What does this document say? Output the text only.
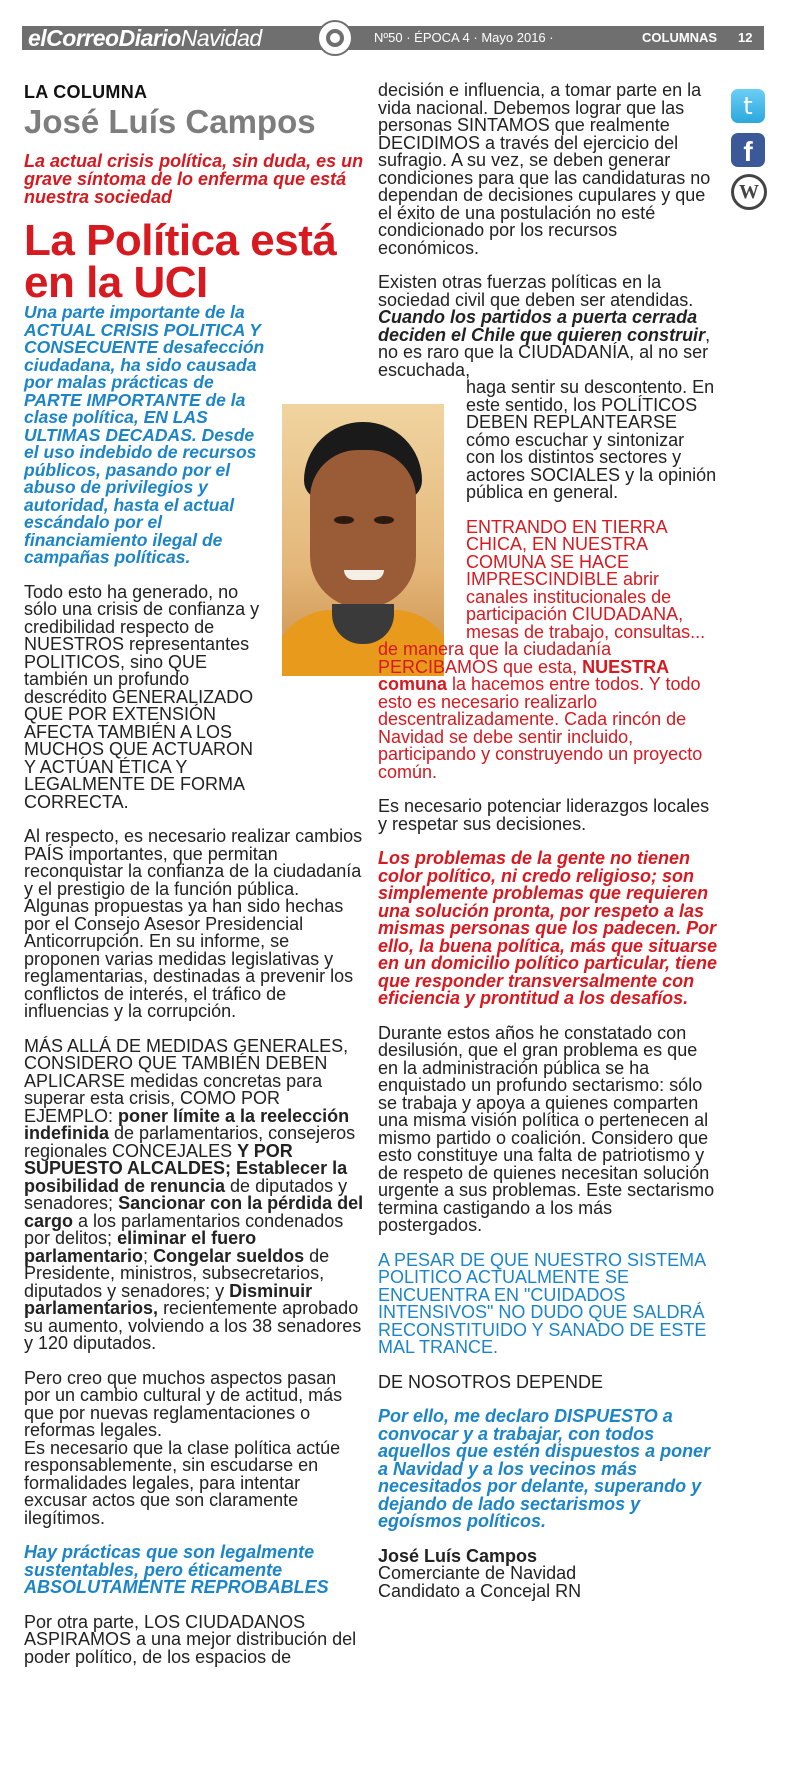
elCorreoDiarioNavidad	Nº50 · ÉPOCA 4 · Mayo 2016 ·	COLUMNAS 12
t
f
W
LA COLUMNA
José Luís Campos
La actual crisis política, sin duda, es un grave síntoma de lo enferma que está nuestra sociedad
La Política está en la UCI

Una parte importante de la ACTUAL CRISIS POLITICA Y CONSECUENTE desafección ciudadana, ha sido causada por malas prácticas de PARTE IMPORTANTE de la clase política, EN LAS ULTIMAS DECADAS. Desde el uso indebido de recursos públicos, pasando por el abuso de privilegios y autoridad, hasta el actual escándalo por el financiamiento ilegal de campañas políticas.

Todo esto ha generado, no sólo una crisis de confianza y credibilidad respecto de NUESTROS representantes POLITICOS, sino QUE también un profundo descrédito GENERALIZADO QUE POR EXTENSIÓN AFECTA TAMBIÉN A LOS MUCHOS QUE ACTUARON Y ACTÚAN ÉTICA Y LEGALMENTE DE FORMA CORRECTA.

Al respecto, es necesario realizar cambios PAÍS importantes, que permitan reconquistar la confianza de la ciudadanía y el prestigio de la función pública. Algunas propuestas ya han sido hechas por el Consejo Asesor Presidencial Anticorrupción. En su informe, se proponen varias medidas legislativas y reglamentarias, destinadas a prevenir los conflictos de interés, el tráfico de influencias y la corrupción.

MÁS ALLÁ DE MEDIDAS GENERALES, CONSIDERO QUE TAMBIÉN DEBEN APLICARSE medidas concretas para superar esta crisis, COMO POR EJEMPLO: poner límite a la reelección indefinida de parlamentarios, consejeros regionales CONCEJALES Y POR SUPUESTO ALCALDES; Establecer la posibilidad de renuncia de diputados y senadores; Sancionar con la pérdida del cargo a los parlamentarios condenados por delitos; eliminar el fuero parlamentario; Congelar sueldos de Presidente, ministros, subsecretarios, diputados y senadores; y Disminuir parlamentarios, recientemente aprobado su aumento, volviendo a los 38 senadores y 120 diputados.

Pero creo que muchos aspectos pasan por un cambio cultural y de actitud, más que por nuevas reglamentaciones o reformas legales.

Es necesario que la clase política actúe responsablemente, sin escudarse en formalidades legales, para intentar excusar actos que son claramente ilegítimos.

Hay prácticas que son legalmente sustentables, pero éticamente ABSOLUTAMENTE REPROBABLES

Por otra parte, LOS CIUDADANOS ASPIRAMOS a una mejor distribución del poder político, de los espacios de

decisión e influencia, a tomar parte en la vida nacional. Debemos lograr que las personas SINTAMOS que realmente DECIDIMOS a través del ejercicio del sufragio. A su vez, se deben generar condiciones para que las candidaturas no dependan de decisiones cupulares y que el éxito de una postulación no esté condicionado por los recursos económicos.

Existen otras fuerzas políticas en la sociedad civil que deben ser atendidas. Cuando los partidos a puerta cerrada deciden el Chile que quieren construir, no es raro que la CIUDADANÍA, al no ser escuchada,

haga sentir su descontento. En este sentido, los POLÍTICOS DEBEN REPLANTEARSE cómo escuchar y sintonizar con los distintos sectores y actores SOCIALES y la opinión pública en general.

ENTRANDO EN TIERRA CHICA, EN NUESTRA COMUNA SE HACE IMPRESCINDIBLE abrir canales institucionales de participación CIUDADANA, mesas de trabajo, consultas...

de manera que la ciudadanía PERCIBAMOS que esta, NUESTRA comuna la hacemos entre todos. Y todo esto es necesario realizarlo descentralizadamente. Cada rincón de Navidad se debe sentir incluido, participando y construyendo un proyecto común.

Es necesario potenciar liderazgos locales y respetar sus decisiones.

Los problemas de la gente no tienen color político, ni credo religioso; son simplemente problemas que requieren una solución pronta, por respeto a las mismas personas que los padecen. Por ello, la buena política, más que situarse en un domicilio político particular, tiene que responder transversalmente con eficiencia y prontitud a los desafíos.

Durante estos años he constatado con desilusión, que el gran problema es que en la administración pública se ha enquistado un profundo sectarismo: sólo se trabaja y apoya a quienes comparten una misma visión política o pertenecen al mismo partido o coalición. Considero que esto constituye una falta de patriotismo y de respeto de quienes necesitan solución urgente a sus problemas. Este sectarismo termina castigando a los más postergados.

A PESAR DE QUE NUESTRO SISTEMA POLITICO ACTUALMENTE SE ENCUENTRA EN "CUIDADOS INTENSIVOS" NO DUDO QUE SALDRÁ RECONSTITUIDO Y SANADO DE ESTE MAL TRANCE.

DE NOSOTROS DEPENDE

Por ello, me declaro DISPUESTO a convocar y a trabajar, con todos aquellos que estén dispuestos a poner a Navidad y a los vecinos más necesitados por delante, superando y dejando de lado sectarismos y egoísmos políticos.

José Luís Campos

Comerciante de Navidad

Candidato a Concejal RN
